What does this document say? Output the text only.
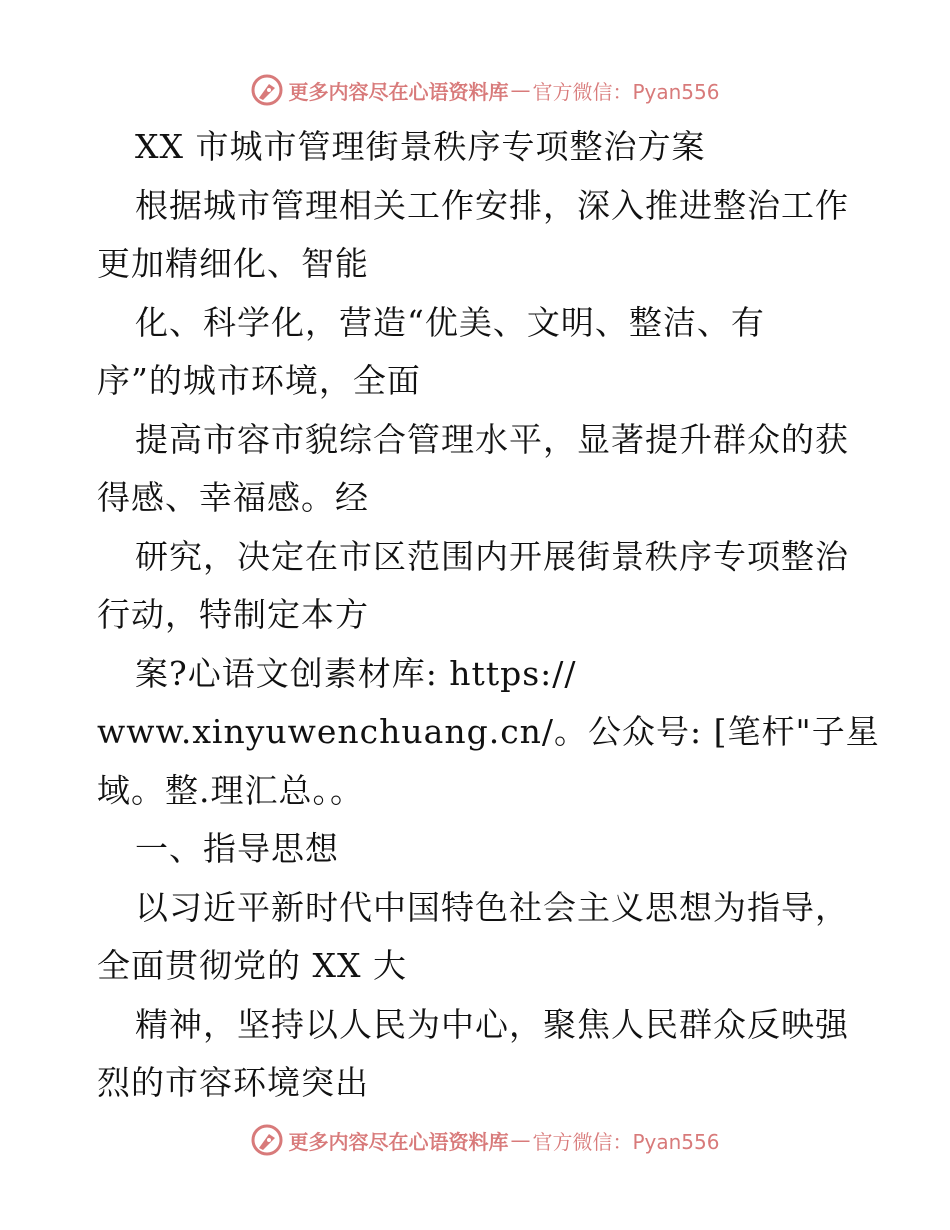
更多内容尽在心语资料库 — 官方微信：Pyan556
XX 市城市管理街景秩序专项整治方案
根据城市管理相关工作安排，深入推进整治工作
更加精细化、智能
化、科学化，营造“优美、文明、整洁、有
序”的城市环境，全面
提高市容市貌综合管理水平，显著提升群众的获
得感、幸福感。经
研究，决定在市区范围内开展街景秩序专项整治
行动，特制定本方
案?心语文创素材库: https://
www.xinyuwenchuang.cn/。公众号: [笔杆"子星
域。整.理汇总。。
一、指导思想
以习近平新时代中国特色社会主义思想为指导，
全面贯彻党的 XX 大
精神，坚持以人民为中心，聚焦人民群众反映强
烈的市容环境突出
更多内容尽在心语资料库 — 官方微信：Pyan556
